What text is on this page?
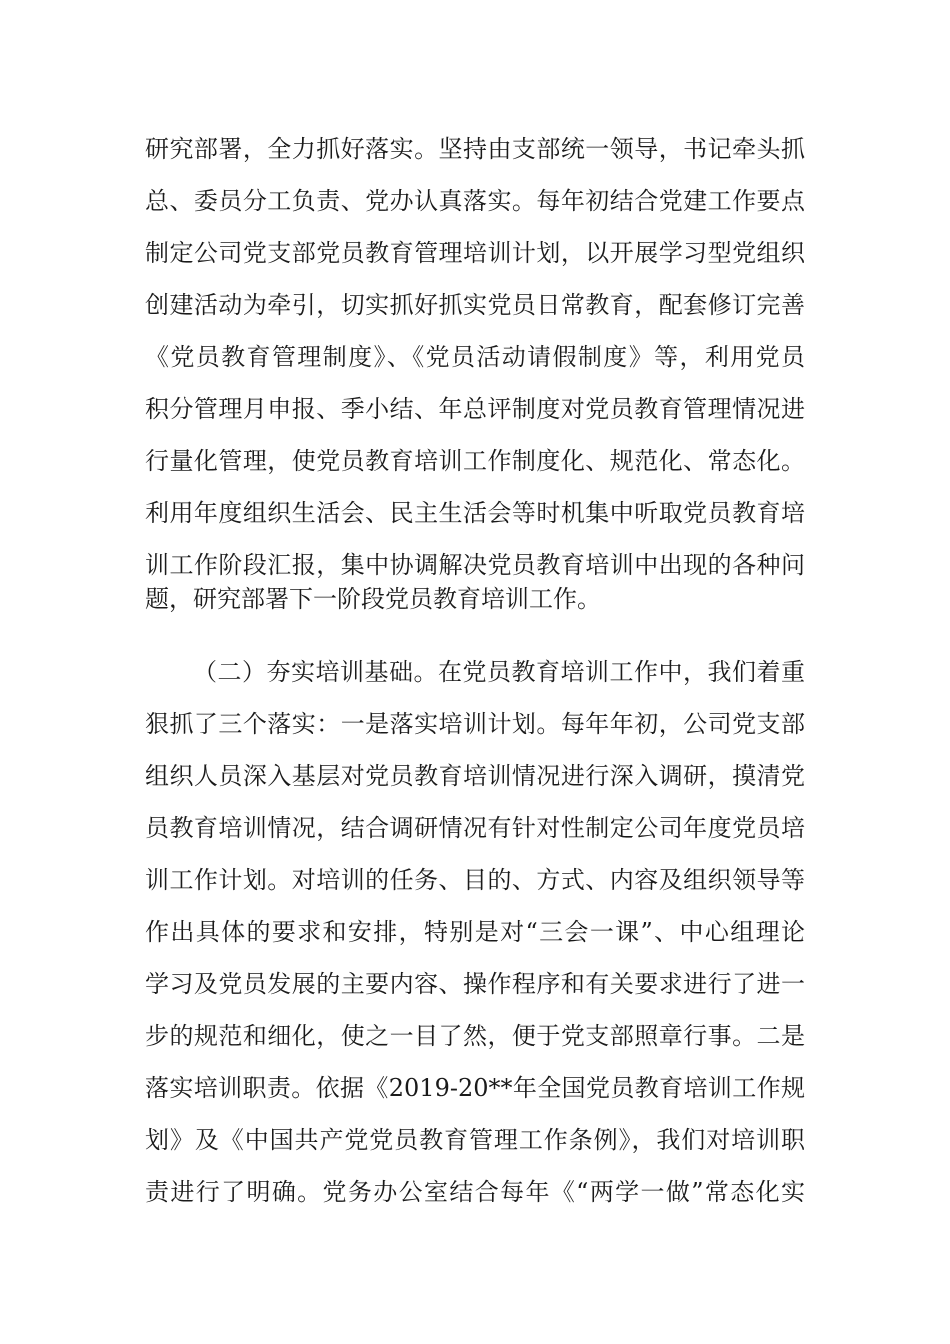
研究部署，全力抓好落实。坚持由支部统一领导，书记牵头抓
总、委员分工负责、党办认真落实。每年初结合党建工作要点
制定公司党支部党员教育管理培训计划，以开展学习型党组织
创建活动为牵引，切实抓好抓实党员日常教育，配套修订完善
《党员教育管理制度》、《党员活动请假制度》等，利用党员
积分管理月申报、季小结、年总评制度对党员教育管理情况进
行量化管理，使党员教育培训工作制度化、规范化、常态化。
利用年度组织生活会、民主生活会等时机集中听取党员教育培
训工作阶段汇报，集中协调解决党员教育培训中出现的各种问
题，研究部署下一阶段党员教育培训工作。
（二）夯实培训基础。在党员教育培训工作中，我们着重
狠抓了三个落实：一是落实培训计划。每年年初，公司党支部
组织人员深入基层对党员教育培训情况进行深入调研，摸清党
员教育培训情况，结合调研情况有针对性制定公司年度党员培
训工作计划。对培训的任务、目的、方式、内容及组织领导等
作出具体的要求和安排，特别是对“三会一课”、中心组理论
学习及党员发展的主要内容、操作程序和有关要求进行了进一
步的规范和细化，使之一目了然，便于党支部照章行事。二是
落实培训职责。依据《2019-20**年全国党员教育培训工作规
划》及《中国共产党党员教育管理工作条例》，我们对培训职
责进行了明确。党务办公室结合每年《“两学一做”常态化实
